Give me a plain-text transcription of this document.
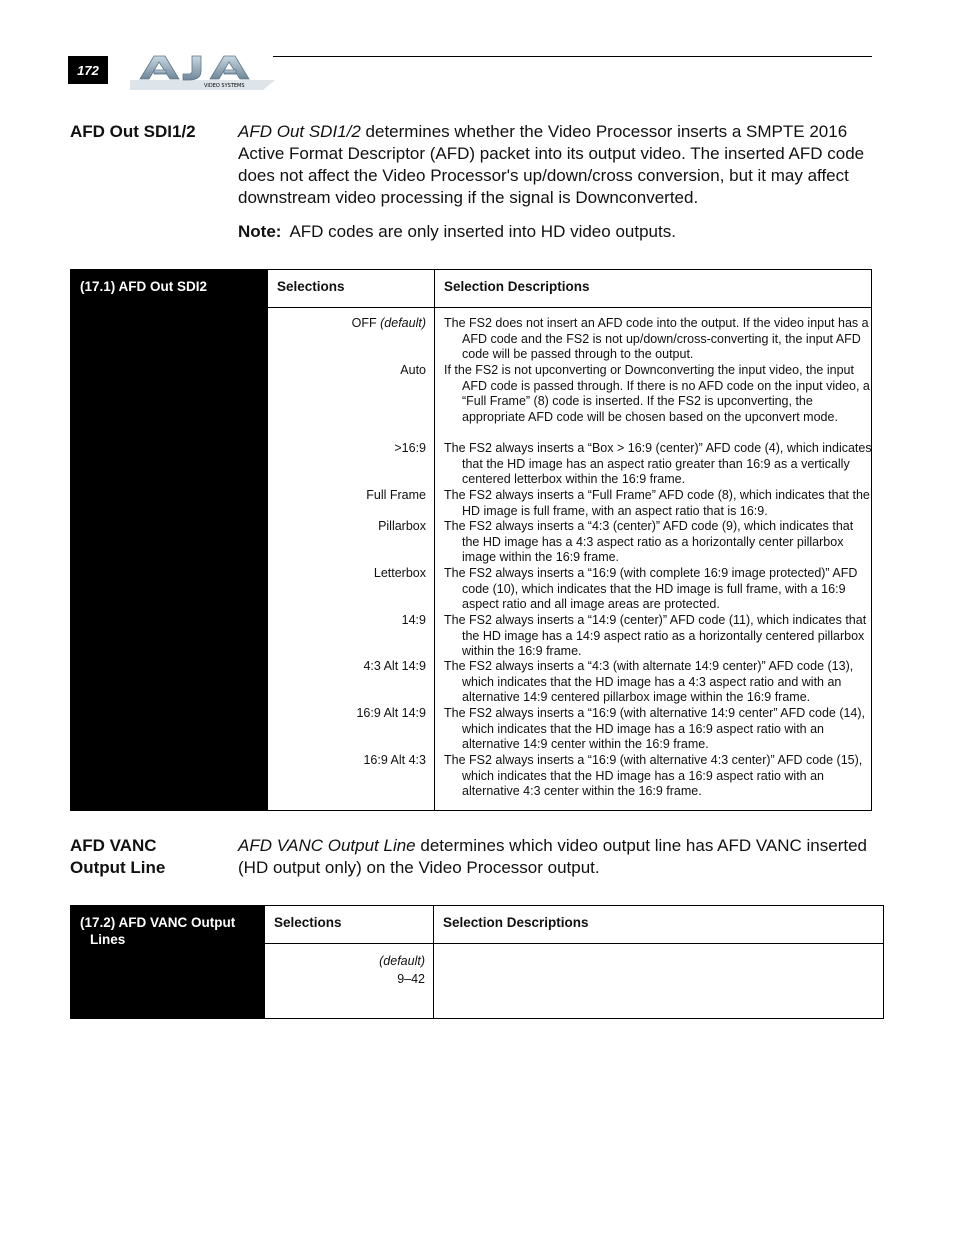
172
VIDEO SYSTEMS
AFD Out SDI1/2 AFD Out SDI1/2 determines whether the Video Processor inserts a SMPTE 2016 Active Format Descriptor (AFD) packet into its output video. The inserted AFD code does not affect the Video Processor's up/down/cross conversion, but it may affect downstream video processing if the signal is Downconverted.
Note: AFD codes are only inserted into HD video outputs.
(17.1) AFD Out SDI2	Selections	Selection Descriptions
OFF (default) The FS2 does not insert an AFD code into the output. If the video input has a AFD code and the FS2 is not up/down/cross-converting it, the input AFD code will be passed through to the output.
Auto If the FS2 is not upconverting or Downconverting the input video, the input AFD code is passed through. If there is no AFD code on the input video, a “Full Frame” (8) code is inserted. If the FS2 is upconverting, the appropriate AFD code will be chosen based on the upconvert mode.
>16:9 The FS2 always inserts a “Box > 16:9 (center)” AFD code (4), which indicates that the HD image has an aspect ratio greater than 16:9 as a vertically centered letterbox within the 16:9 frame.
Full Frame The FS2 always inserts a “Full Frame” AFD code (8), which indicates that the HD image is full frame, with an aspect ratio that is 16:9.
Pillarbox The FS2 always inserts a “4:3 (center)” AFD code (9), which indicates that the HD image has a 4:3 aspect ratio as a horizontally center pillarbox image within the 16:9 frame.
Letterbox The FS2 always inserts a “16:9 (with complete 16:9 image protected)” AFD code (10), which indicates that the HD image is full frame, with a 16:9 aspect ratio and all image areas are protected.
14:9 The FS2 always inserts a “14:9 (center)” AFD code (11), which indicates that the HD image has a 14:9 aspect ratio as a horizontally centered pillarbox within the 16:9 frame.
4:3 Alt 14:9 The FS2 always inserts a “4:3 (with alternate 14:9 center)” AFD code (13), which indicates that the HD image has a 4:3 aspect ratio and with an alternative 14:9 centered pillarbox image within the 16:9 frame.
16:9 Alt 14:9 The FS2 always inserts a “16:9 (with alternative 14:9 center” AFD code (14), which indicates that the HD image has a 16:9 aspect ratio with an alternative 14:9 center within the 16:9 frame.
16:9 Alt 4:3 The FS2 always inserts a “16:9 (with alternative 4:3 center)” AFD code (15), which indicates that the HD image has a 16:9 aspect ratio with an alternative 4:3 center within the 16:9 frame.
AFD VANC
Output Line
AFD VANC Output Line determines which video output line has AFD VANC inserted (HD output only) on the Video Processor output.
(17.2) AFD VANC Output
Lines
Selections	Selection Descriptions
(default)
9–42
